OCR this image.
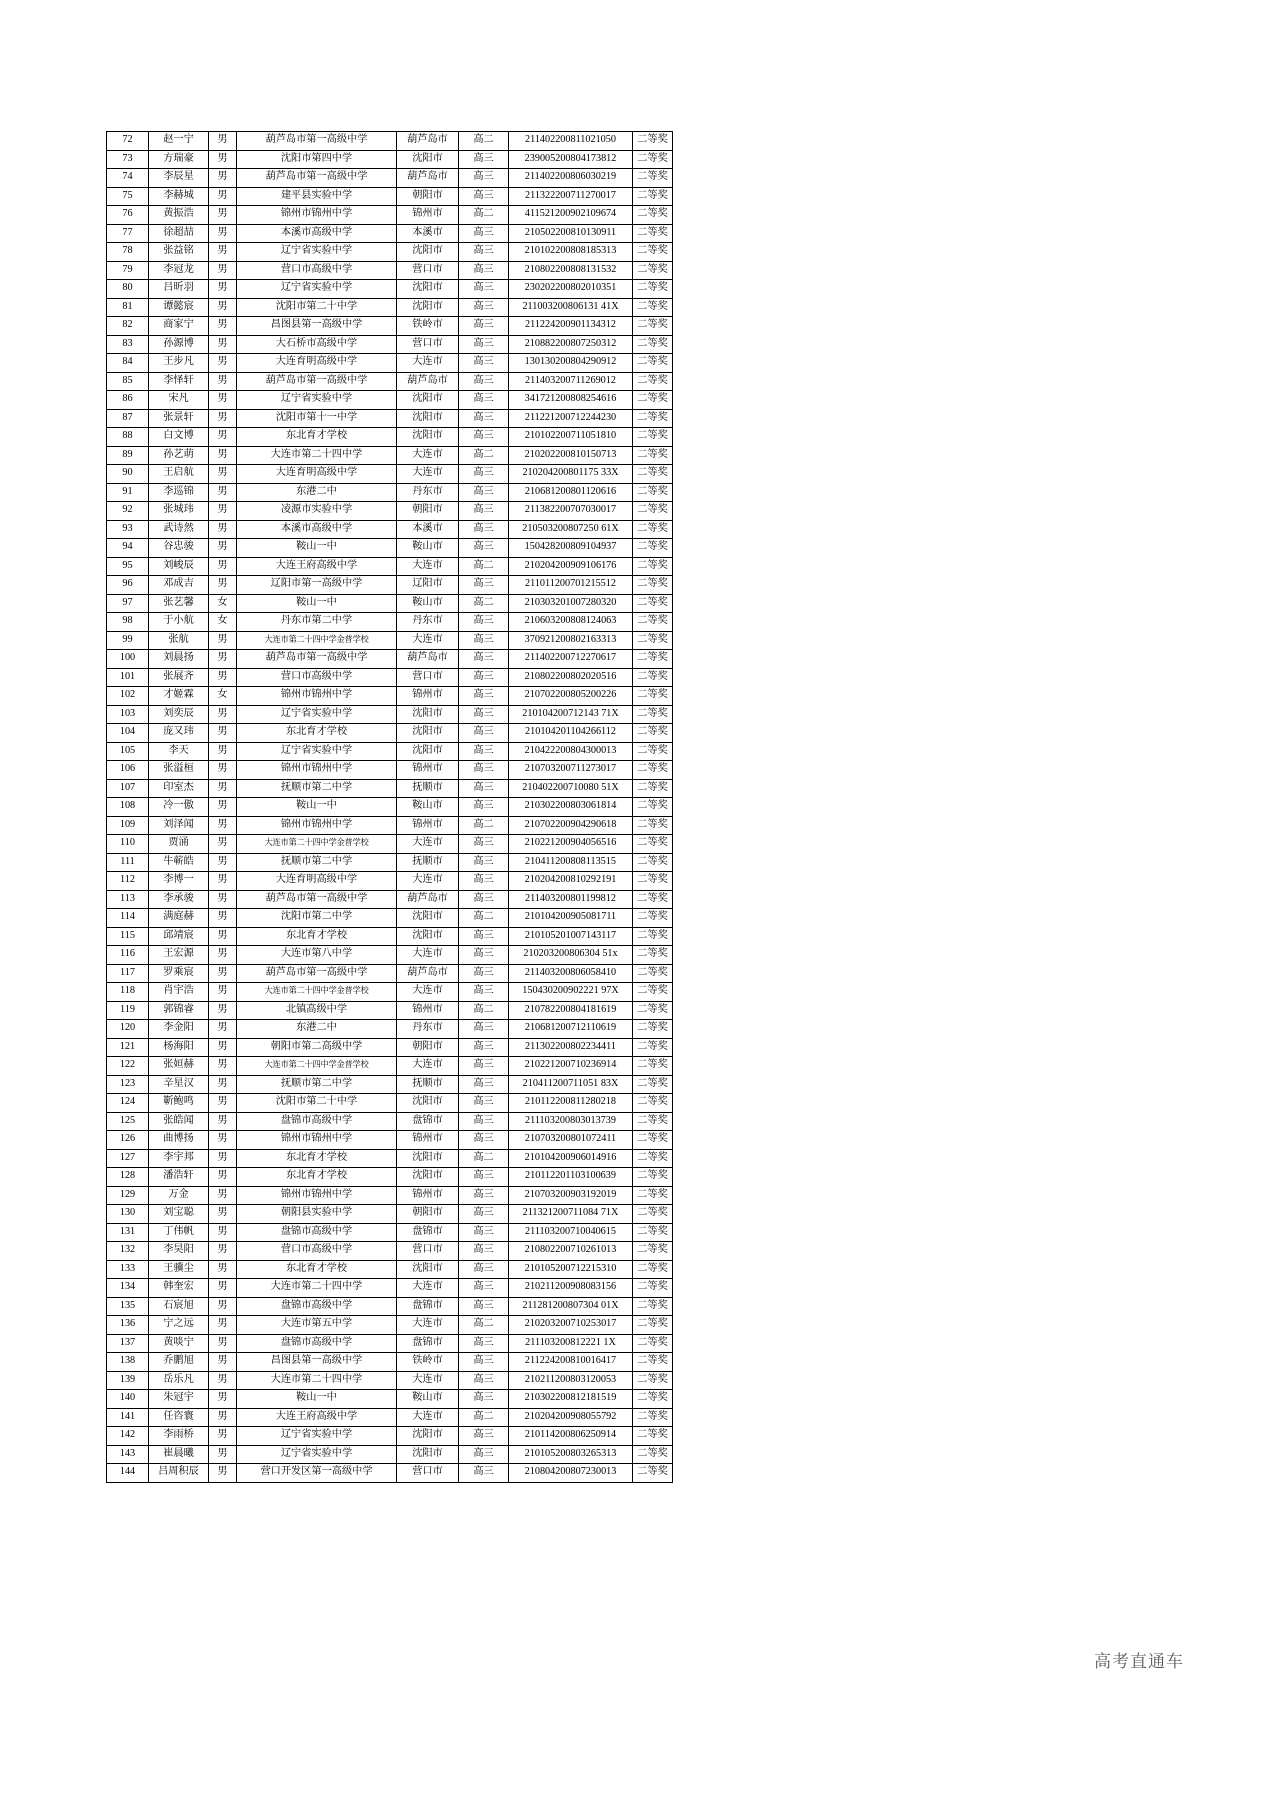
72	赵一宁	男	葫芦岛市第一高级中学	葫芦岛市	高二	211402200811021050	二等奖
73	方瑞豪	男	沈阳市第四中学	沈阳市	高三	239005200804173812	二等奖
74	李辰星	男	葫芦岛市第一高级中学	葫芦岛市	高三	211402200806030219	二等奖
75	李赫城	男	建平县实验中学	朝阳市	高三	211322200711270017	二等奖
76	黄振浩	男	锦州市锦州中学	锦州市	高二	411521200902109674	二等奖
77	徐超喆	男	本溪市高级中学	本溪市	高三	210502200810130911	二等奖
78	张益铭	男	辽宁省实验中学	沈阳市	高三	210102200808185313	二等奖
79	李冠龙	男	营口市高级中学	营口市	高三	210802200808131532	二等奖
80	吕昕羽	男	辽宁省实验中学	沈阳市	高三	230202200802010351	二等奖
81	谭懿宸	男	沈阳市第二十中学	沈阳市	高三	211003200806131 41X	二等奖
82	商家宁	男	昌图县第一高级中学	铁岭市	高三	211224200901134312	二等奖
83	孙源博	男	大石桥市高级中学	营口市	高三	210882200807250312	二等奖
84	王步凡	男	大连育明高级中学	大连市	高三	130130200804290912	二等奖
85	李怿轩	男	葫芦岛市第一高级中学	葫芦岛市	高三	211403200711269012	二等奖
86	宋凡	男	辽宁省实验中学	沈阳市	高三	341721200808254616	二等奖
87	张景轩	男	沈阳市第十一中学	沈阳市	高三	211221200712244230	二等奖
88	白文博	男	东北育才学校	沈阳市	高三	210102200711051810	二等奖
89	孙艺萌	男	大连市第二十四中学	大连市	高二	210202200810150713	二等奖
90	王启航	男	大连育明高级中学	大连市	高三	210204200801175 33X	二等奖
91	李巡锦	男	东港二中	丹东市	高三	210681200801120616	二等奖
92	张城玮	男	凌源市实验中学	朝阳市	高三	211382200707030017	二等奖
93	武诗然	男	本溪市高级中学	本溪市	高三	210503200807250 61X	二等奖
94	谷忠骏	男	鞍山一中	鞍山市	高三	150428200809104937	二等奖
95	刘峻辰	男	大连王府高级中学	大连市	高二	210204200909106176	二等奖
96	邓成吉	男	辽阳市第一高级中学	辽阳市	高三	211011200701215512	二等奖
97	张艺馨	女	鞍山一中	鞍山市	高二	210303201007280320	二等奖
98	于小航	女	丹东市第二中学	丹东市	高三	210603200808124063	二等奖
99	张航	男	大连市第二十四中学金普学校	大连市	高三	370921200802163313	二等奖
100	刘晨扬	男	葫芦岛市第一高级中学	葫芦岛市	高三	211402200712270617	二等奖
101	张展齐	男	营口市高级中学	营口市	高三	210802200802020516	二等奖
102	才姬霖	女	锦州市锦州中学	锦州市	高三	210702200805200226	二等奖
103	刘奕辰	男	辽宁省实验中学	沈阳市	高三	210104200712143 71X	二等奖
104	庞又玮	男	东北育才学校	沈阳市	高三	210104201104266112	二等奖
105	李天	男	辽宁省实验中学	沈阳市	高三	210422200804300013	二等奖
106	张溢桓	男	锦州市锦州中学	锦州市	高三	210703200711273017	二等奖
107	印室杰	男	抚顺市第二中学	抚顺市	高三	210402200710080 51X	二等奖
108	冷一傲	男	鞍山一中	鞍山市	高三	210302200803061814	二等奖
109	刘泽闻	男	锦州市锦州中学	锦州市	高二	210702200904290618	二等奖
110	贾涌	男	大连市第二十四中学金普学校	大连市	高三	210221200904056516	二等奖
111	牛蕲皓	男	抚顺市第二中学	抚顺市	高三	210411200808113515	二等奖
112	李博一	男	大连育明高级中学	大连市	高三	210204200810292191	二等奖
113	李承骏	男	葫芦岛市第一高级中学	葫芦岛市	高三	211403200801199812	二等奖
114	满庭赫	男	沈阳市第二中学	沈阳市	高二	210104200905081711	二等奖
115	邱靖宸	男	东北育才学校	沈阳市	高三	210105201007143117	二等奖
116	王宏源	男	大连市第八中学	大连市	高三	210203200806304 51x	二等奖
117	罗乘宸	男	葫芦岛市第一高级中学	葫芦岛市	高三	211403200806058410	二等奖
118	肖宇浩	男	大连市第二十四中学金普学校	大连市	高三	150430200902221 97X	二等奖
119	郭锦睿	男	北镇高级中学	锦州市	高二	210782200804181619	二等奖
120	李金阳	男	东港二中	丹东市	高三	210681200712110619	二等奖
121	杨海阳	男	朝阳市第二高级中学	朝阳市	高三	211302200802234411	二等奖
122	张姮赫	男	大连市第二十四中学金普学校	大连市	高三	210221200710236914	二等奖
123	辛星汉	男	抚顺市第二中学	抚顺市	高三	210411200711051 83X	二等奖
124	靳鲍鸣	男	沈阳市第二十中学	沈阳市	高三	210112200811280218	二等奖
125	张皓闻	男	盘锦市高级中学	盘锦市	高三	211103200803013739	二等奖
126	曲博扬	男	锦州市锦州中学	锦州市	高三	210703200801072411	二等奖
127	李宇邦	男	东北育才学校	沈阳市	高二	210104200906014916	二等奖
128	潘浩轩	男	东北育才学校	沈阳市	高三	210112201103100639	二等奖
129	万金	男	锦州市锦州中学	锦州市	高三	210703200903192019	二等奖
130	刘宝聪	男	朝阳县实验中学	朝阳市	高三	211321200711084 71X	二等奖
131	丁伟帆	男	盘锦市高级中学	盘锦市	高三	211103200710040615	二等奖
132	李昊阳	男	营口市高级中学	营口市	高三	210802200710261013	二等奖
133	王骥尘	男	东北育才学校	沈阳市	高三	210105200712215310	二等奖
134	韩奎宏	男	大连市第二十四中学	大连市	高三	210211200908083156	二等奖
135	石宸旭	男	盘锦市高级中学	盘锦市	高三	211281200807304 01X	二等奖
136	宁之远	男	大连市第五中学	大连市	高二	210203200710253017	二等奖
137	黄啖宁	男	盘锦市高级中学	盘锦市	高三	211103200812221 1X	二等奖
138	乔鹏旭	男	昌图县第一高级中学	铁岭市	高三	211224200810016417	二等奖
139	岳乐凡	男	大连市第二十四中学	大连市	高三	210211200803120053	二等奖
140	朱冠宇	男	鞍山一中	鞍山市	高三	210302200812181519	二等奖
141	任咨寰	男	大连王府高级中学	大连市	高二	210204200908055792	二等奖
142	李雨桥	男	辽宁省实验中学	沈阳市	高三	210114200806250914	二等奖
143	崔晨曦	男	辽宁省实验中学	沈阳市	高三	210105200803265313	二等奖
144	吕周积辰	男	营口开发区第一高级中学	营口市	高三	210804200807230013	二等奖
高考直通车
